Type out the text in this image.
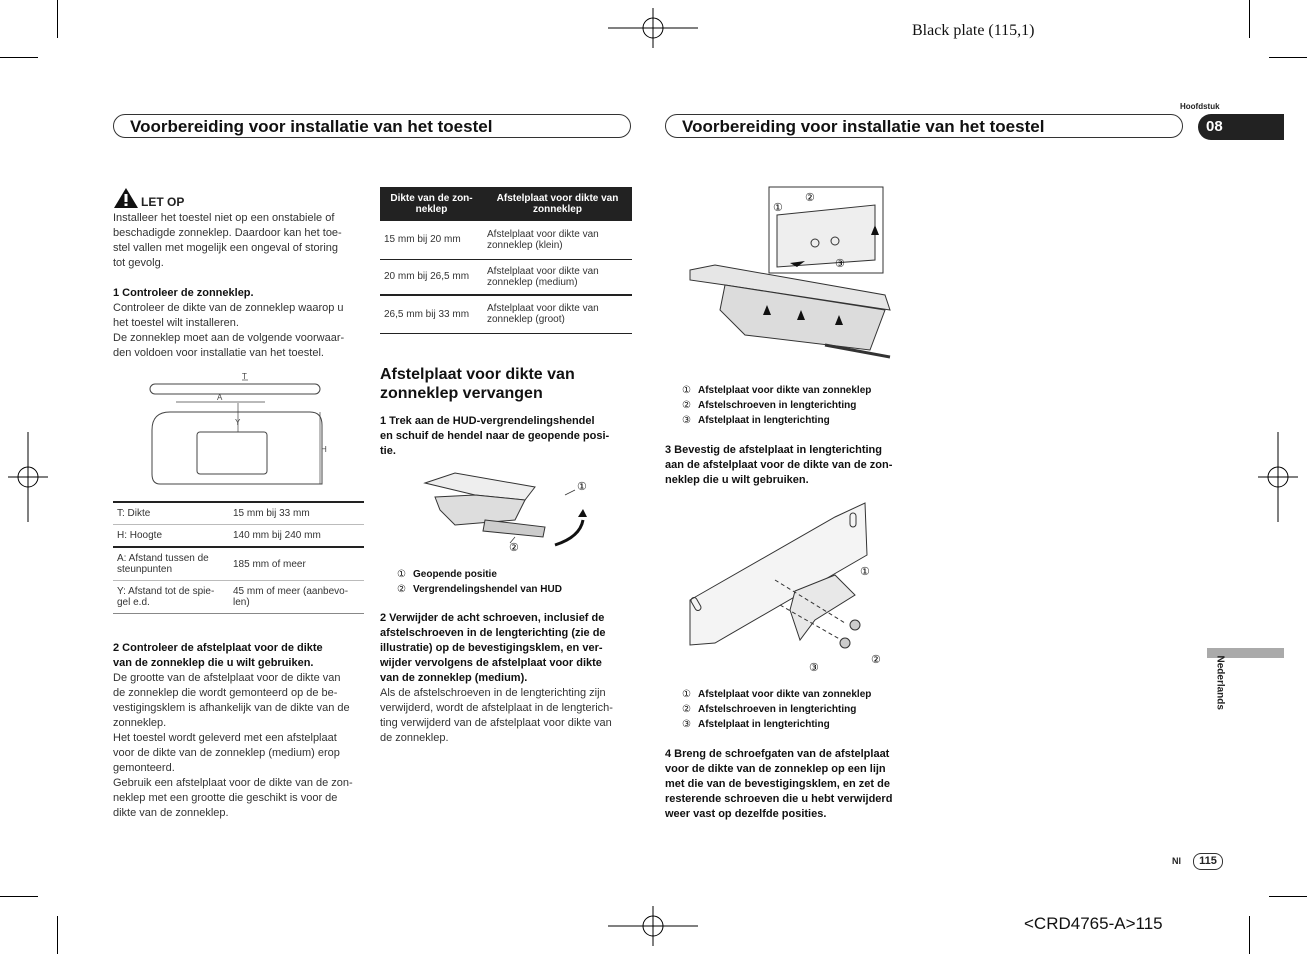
Black plate (115,1)
<CRD4765-A>115
Voorbereiding voor installatie van het toestel	Voorbereiding voor installatie van het toestel
Hoofdstuk
08
Nederlands
Nl	115
LET OP
Installeer het toestel niet op een onstabiele of
beschadigde zonneklep. Daardoor kan het toe-
stel vallen met mogelijk een ongeval of storing
tot gevolg.
1 Controleer de zonneklep.
Controleer de dikte van de zonneklep waarop u
het toestel wilt installeren.
De zonneklep moet aan de volgende voorwaar-
den voldoen voor installatie van het toestel.
T
A
Y
H
T: Dikte	15 mm bij 33 mm
H: Hoogte	140 mm bij 240 mm
A: Afstand tussen de steunpunten	185 mm of meer
Y: Afstand tot de spie-gel e.d.	45 mm of meer (aanbevo-len)
2 Controleer de afstelplaat voor de dikte
van de zonneklep die u wilt gebruiken.
De grootte van de afstelplaat voor de dikte van
de zonneklep die wordt gemonteerd op de be-
vestigingsklem is afhankelijk van de dikte van de
zonneklep.
Het toestel wordt geleverd met een afstelplaat
voor de dikte van de zonneklep (medium) erop
gemonteerd.
Gebruik een afstelplaat voor de dikte van de zon-
neklep met een grootte die geschikt is voor de
dikte van de zonneklep.
Dikte van de zon-neklep	Afstelplaat voor dikte van zonneklep
15 mm bij 20 mm	Afstelplaat voor dikte van zonneklep (klein)
20 mm bij 26,5 mm	Afstelplaat voor dikte van zonneklep (medium)
26,5 mm bij 33 mm	Afstelplaat voor dikte van zonneklep (groot)
Afstelplaat voor dikte van
zonneklep vervangen
1 Trek aan de HUD-vergrendelingshendel
en schuif de hendel naar de geopende posi-
tie.
①
②
① Geopende positie
② Vergrendelingshendel van HUD
2 Verwijder de acht schroeven, inclusief de
afstelschroeven in de lengterichting (zie de
illustratie) op de bevestigingsklem, en ver-
wijder vervolgens de afstelplaat voor dikte
van de zonneklep (medium).
Als de afstelschroeven in de lengterichting zijn
verwijderd, wordt de afstelplaat in de lengterich-
ting verwijderd van de afstelplaat voor dikte van
de zonneklep.
①
②
③
① Afstelplaat voor dikte van zonneklep
② Afstelschroeven in lengterichting
③ Afstelplaat in lengterichting
3 Bevestig de afstelplaat in lengterichting
aan de afstelplaat voor de dikte van de zon-
neklep die u wilt gebruiken.
①
②
③
① Afstelplaat voor dikte van zonneklep
② Afstelschroeven in lengterichting
③ Afstelplaat in lengterichting
4 Breng de schroefgaten van de afstelplaat
voor de dikte van de zonneklep op een lijn
met die van de bevestigingsklem, en zet de
resterende schroeven die u hebt verwijderd
weer vast op dezelfde posities.
